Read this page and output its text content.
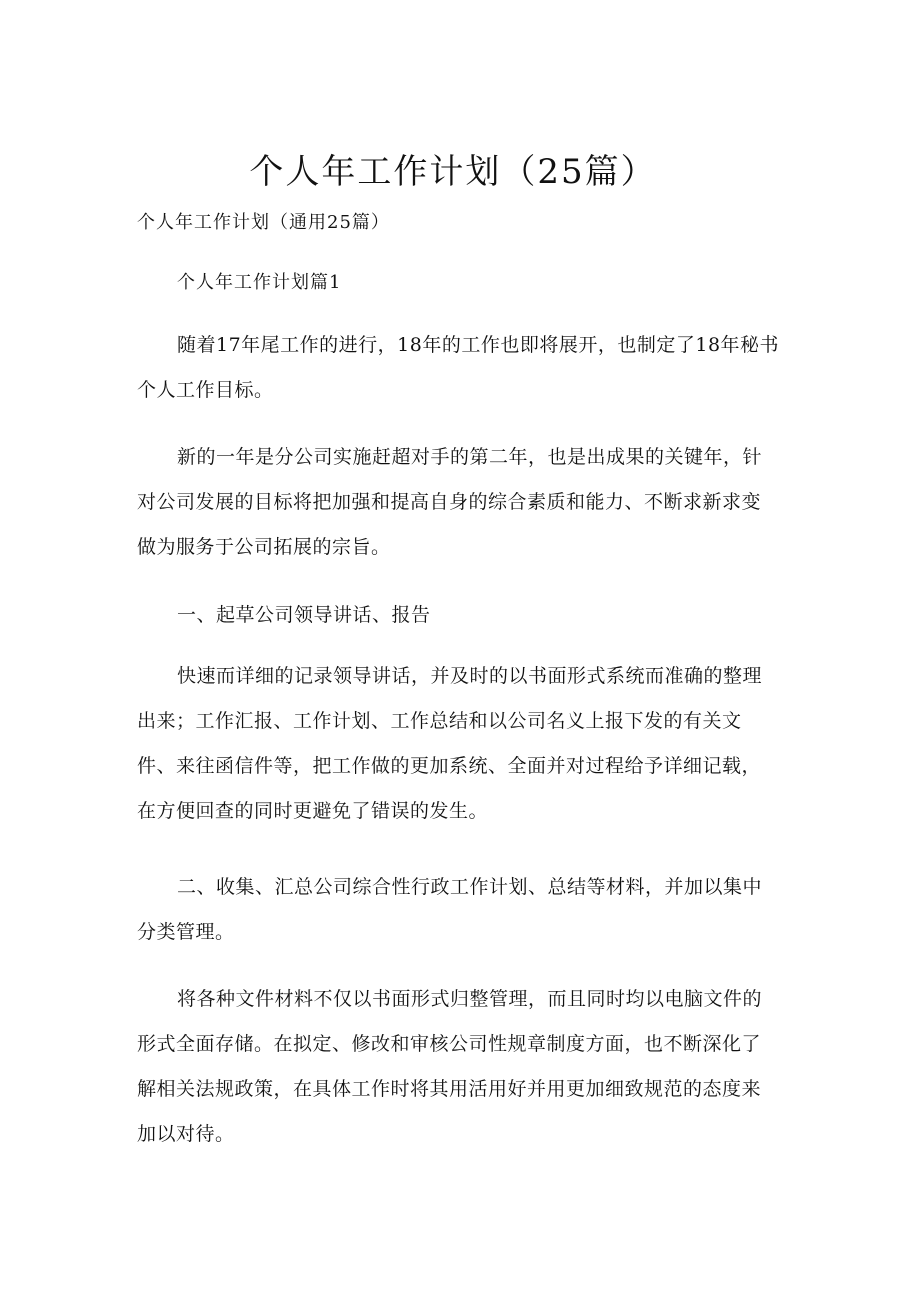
个人年工作计划（25篇）
个人年工作计划（通用25篇）
个人年工作计划篇1
随着17年尾工作的进行，18年的工作也即将展开，也制定了18年秘书
个人工作目标。
新的一年是分公司实施赶超对手的第二年，也是出成果的关键年，针
对公司发展的目标将把加强和提高自身的综合素质和能力、不断求新求变
做为服务于公司拓展的宗旨。
一、起草公司领导讲话、报告
快速而详细的记录领导讲话，并及时的以书面形式系统而准确的整理
出来；工作汇报、工作计划、工作总结和以公司名义上报下发的有关文
件、来往函信件等，把工作做的更加系统、全面并对过程给予详细记载，
在方便回查的同时更避免了错误的发生。
二、收集、汇总公司综合性行政工作计划、总结等材料，并加以集中
分类管理。
将各种文件材料不仅以书面形式归整管理，而且同时均以电脑文件的
形式全面存储。在拟定、修改和审核公司性规章制度方面，也不断深化了
解相关法规政策，在具体工作时将其用活用好并用更加细致规范的态度来
加以对待。
